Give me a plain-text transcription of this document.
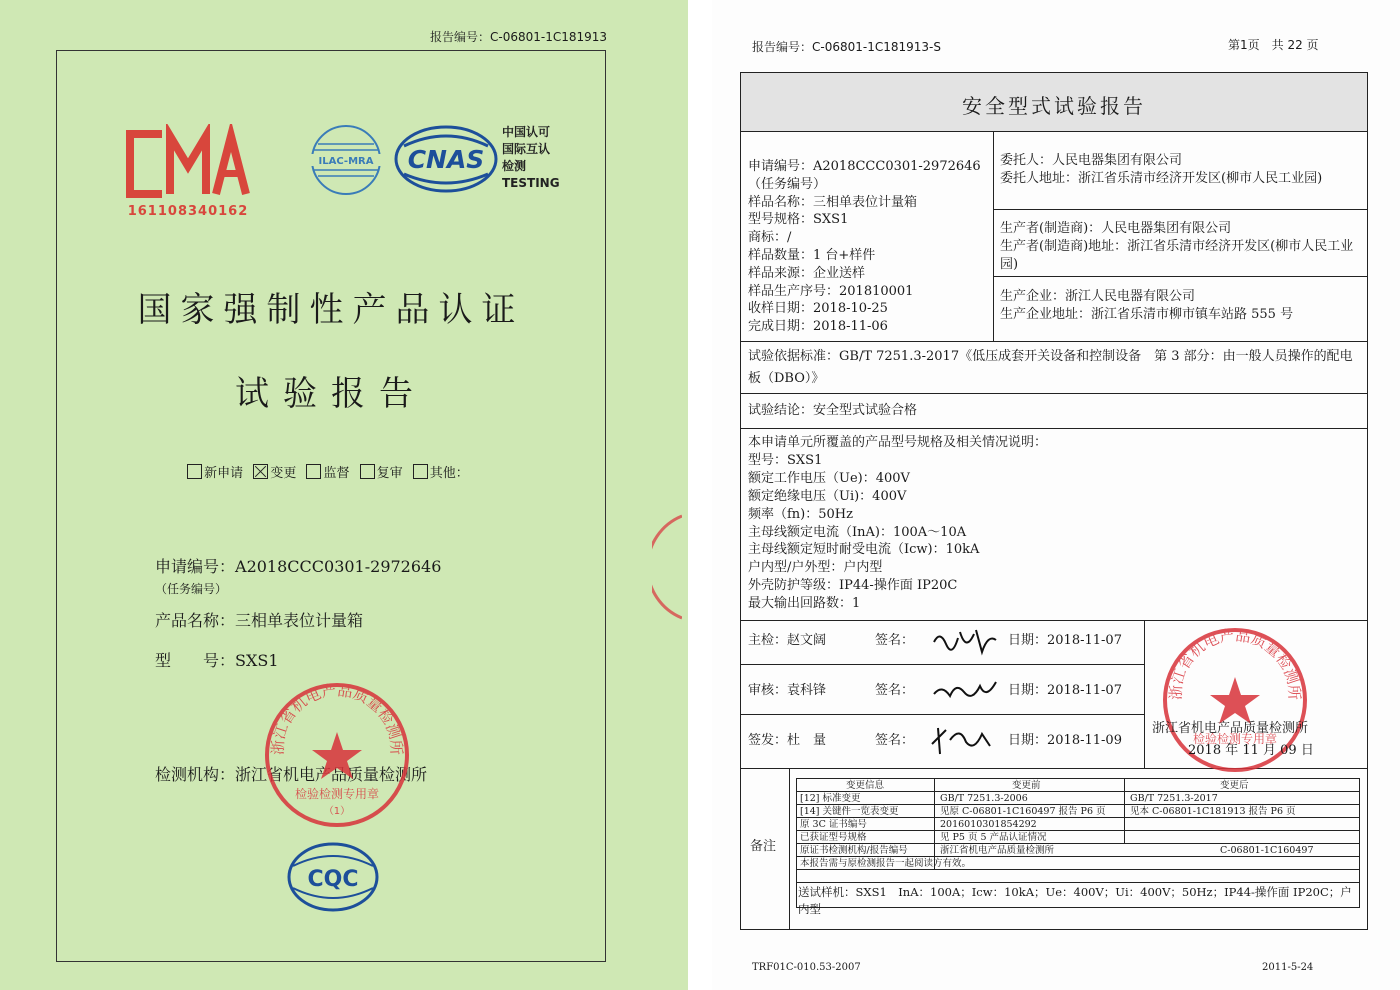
报告编号：C-06801-1C181913
161108340162
ILAC-MRA CNAS
中国认可
国际互认
检测
TESTING
国家强制性产品认证
试验报告
新申请 变更 监督 复审 其他：
申请编号：A2018CCC0301-2972646
（任务编号）
产品名称：三相单表位计量箱
型　　号：SXS1
检测机构：浙江省机电产品质量检测所
浙江省机电产品质量检测所
检验检测专用章
（1）
CQC
报告编号：C-06801-1C181913-S	第1页　共 22 页
安全型式试验报告
申请编号：A2018CCC0301-2972646
（任务编号）
样品名称：三相单表位计量箱
型号规格：SXS1
商标：/
样品数量：1 台+样件
样品来源：企业送样
样品生产序号：201810001
收样日期：2018-10-25
完成日期：2018-11-06
委托人：人民电器集团有限公司
委托人地址：浙江省乐清市经济开发区(柳市人民工业园)
生产者(制造商)：人民电器集团有限公司
生产者(制造商)地址：浙江省乐清市经济开发区(柳市人民工业园)
生产企业：浙江人民电器有限公司
生产企业地址：浙江省乐清市柳市镇车站路 555 号
试验依据标准：GB/T 7251.3-2017《低压成套开关设备和控制设备　第 3 部分：由一般人员操作的配电板（DBO）》
试验结论：安全型式试验合格
本申请单元所覆盖的产品型号规格及相关情况说明：
型号：SXS1
额定工作电压（Ue)：400V
额定绝缘电压（Ui)：400V
频率（fn)：50Hz
主母线额定电流（InA)：100A～10A
主母线额定短时耐受电流（Icw)：10kA
户内型/户外型：户内型
外壳防护等级：IP44-操作面 IP20C
最大输出回路数：1
主检：赵文阔	签名：	日期：2018-11-07
审核：袁科锋	签名：	日期：2018-11-07
签发：杜　量	签名：	日期：2018-11-09
浙江省机电产品质量检测所
检验检测专用章
浙江省机电产品质量检测所
2018 年 11 月 09 日
备注
变更信息	变更前	变更后
[12] 标准变更	GB/T 7251.3-2006	GB/T 7251.3-2017
[14] 关键件一览表变更	见原 C-06801-1C160497 报告 P6 页	见本 C-06801-1C181913 报告 P6 页
原 3C 证书编号	2016010301854292
已获证型号规格	见 P5 页 5 产品认证情况
原证书检测机构/报告编号	浙江省机电产品质量检测所	C-06801-1C160497
本报告需与原检测报告一起阅读方有效。
送试样机：SXS1　InA：100A；Icw：10kA；Ue：400V；Ui：400V；50Hz；IP44-操作面 IP20C；户内型
TRF01C-010.53-2007	2011-5-24
